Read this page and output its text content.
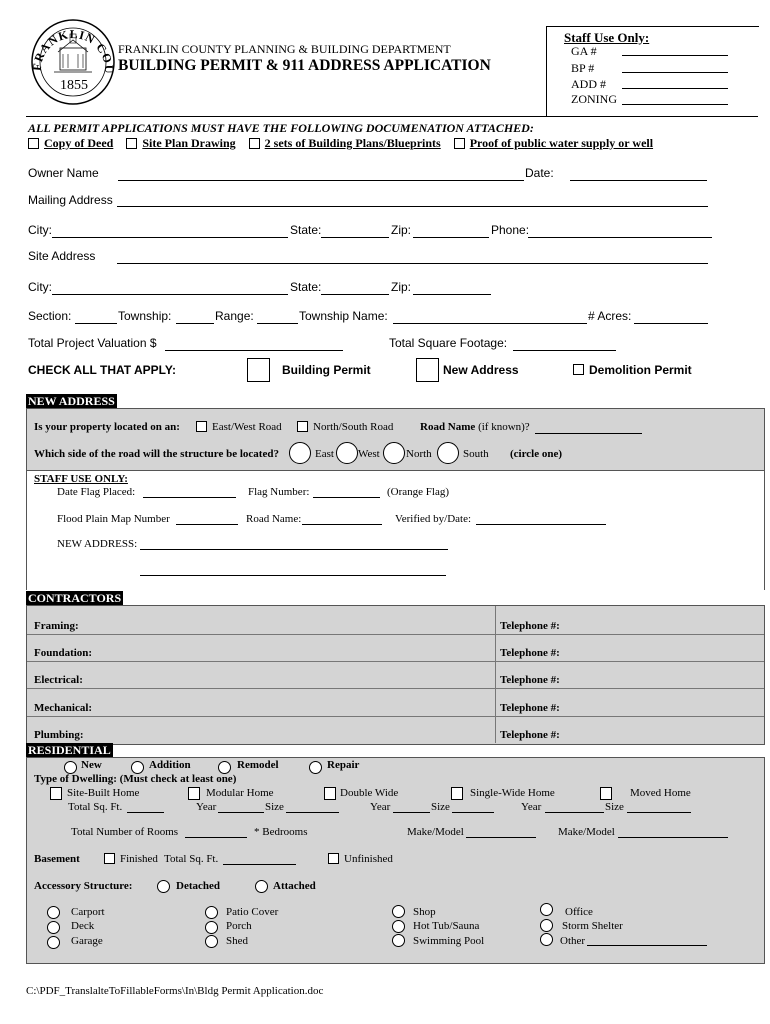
FRANKLIN COU
1855
FRANKLIN COUNTY PLANNING & BUILDING DEPARTMENT
BUILDING PERMIT & 911 ADDRESS APPLICATION
Staff Use Only:
GA #
BP #
ADD #
ZONING
ALL PERMIT APPLICATIONS MUST HAVE THE FOLLOWING DOCUMENATION ATTACHED:
Copy of Deed Site Plan Drawing 2 sets of Building Plans/Blueprints Proof of public water supply or well
Owner Name	Date:
Mailing Address
City:	State:	Zip:	Phone:
Site Address
City:	State:	Zip:
Section:	Township:	Range:	Township Name:	# Acres:
Total Project Valuation $	Total Square Footage:
CHECK ALL THAT APPLY:	Building Permit	New Address	Demolition Permit
NEW ADDRESS
Is your property located on an:	East/West Road	North/South Road Road Name (if known)?
Which side of the road will the structure be located?	East West North	South (circle one)
STAFF USE ONLY:
Date Flag Placed:	Flag Number:	(Orange Flag)
Flood Plain Map Number	Road Name:	Verified by/Date:
NEW ADDRESS:
CONTRACTORS
Framing:	Telephone #:
Foundation:	Telephone #:
Electrical:	Telephone #:
Mechanical:	Telephone #:
Plumbing:	Telephone #:
RESIDENTIAL
New	Addition	Remodel	Repair
Type of Dwelling: (Must check at least one)
Site-Built Home	Modular Home	Double Wide	Single-Wide Home	Moved Home
Total Sq. Ft.	Year	Size	Year	Size	Year	Size
Total Number of Rooms	* Bedrooms	Make/Model	Make/Model
Basement	Finished Total Sq. Ft.	Unfinished
Accessory Structure:	Detached	Attached
Carport
Deck
Garage
Patio Cover
Porch
Shed
Shop
Hot Tub/Sauna
Swimming Pool
Office
Storm Shelter
Other
C:\PDF_TranslalteToFillableForms\In\Bldg Permit Application.doc
